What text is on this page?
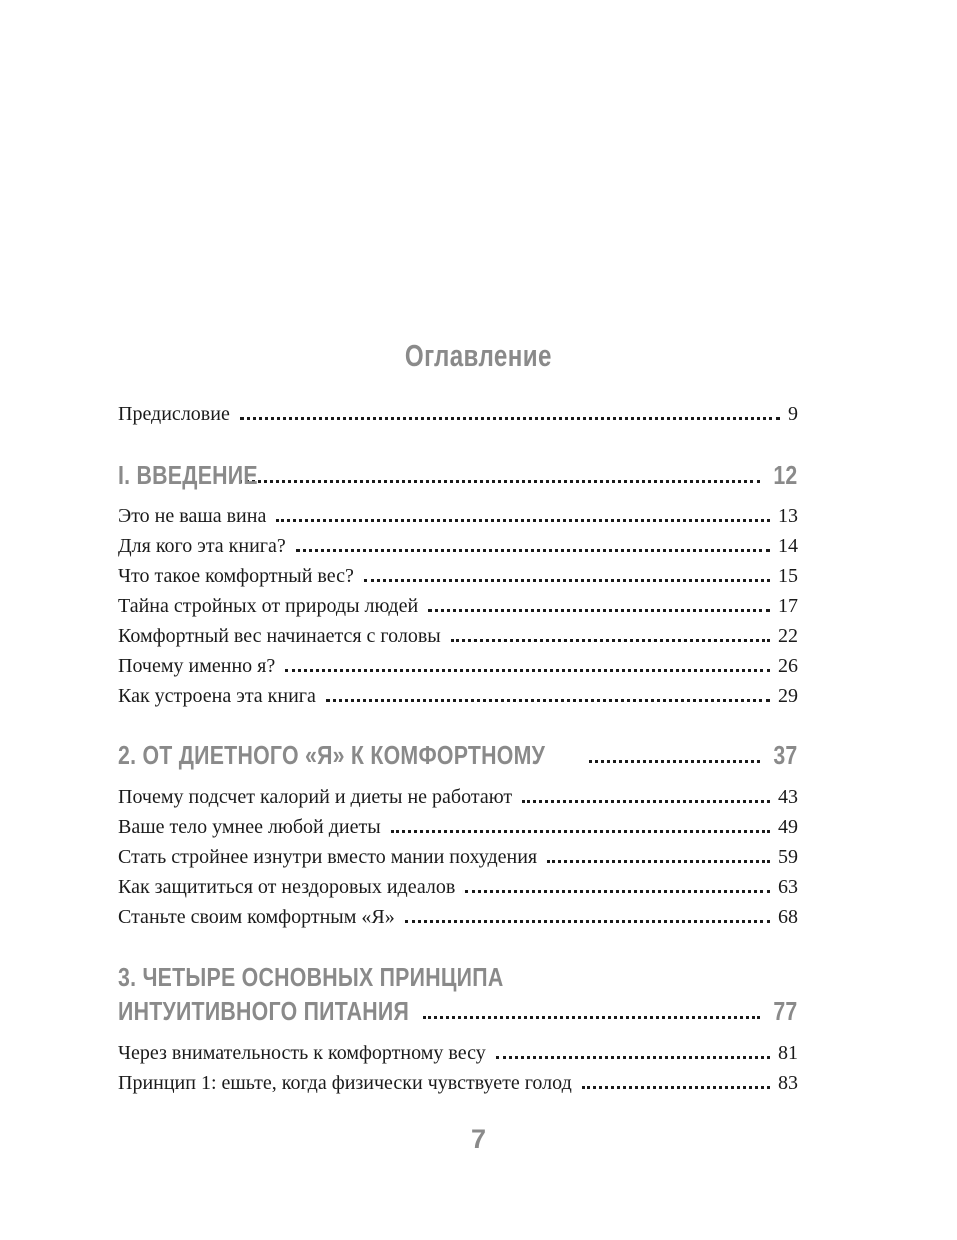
Оглавление
Предисловие	9
I. ВВЕДЕНИЕ	12
Это не ваша вина	13
Для кого эта книга?	14
Что такое комфортный вес?	15
Тайна стройных от природы людей	17
Комфортный вес начинается с головы	22
Почему именно я?	26
Как устроена эта книга	29
2. ОТ ДИЕТНОГО «Я» К КОМФОРТНОМУ	37
Почему подсчет калорий и диеты не работают	43
Ваше тело умнее любой диеты	49
Стать стройнее изнутри вместо мании похудения	59
Как защититься от нездоровых идеалов	63
Станьте своим комфортным «Я»	68
3. ЧЕТЫРЕ ОСНОВНЫХ ПРИНЦИПА
ИНТУИТИВНОГО ПИТАНИЯ	77
Через внимательность к комфортному весу	81
Принцип 1: ешьте, когда физически чувствуете голод	83
7
